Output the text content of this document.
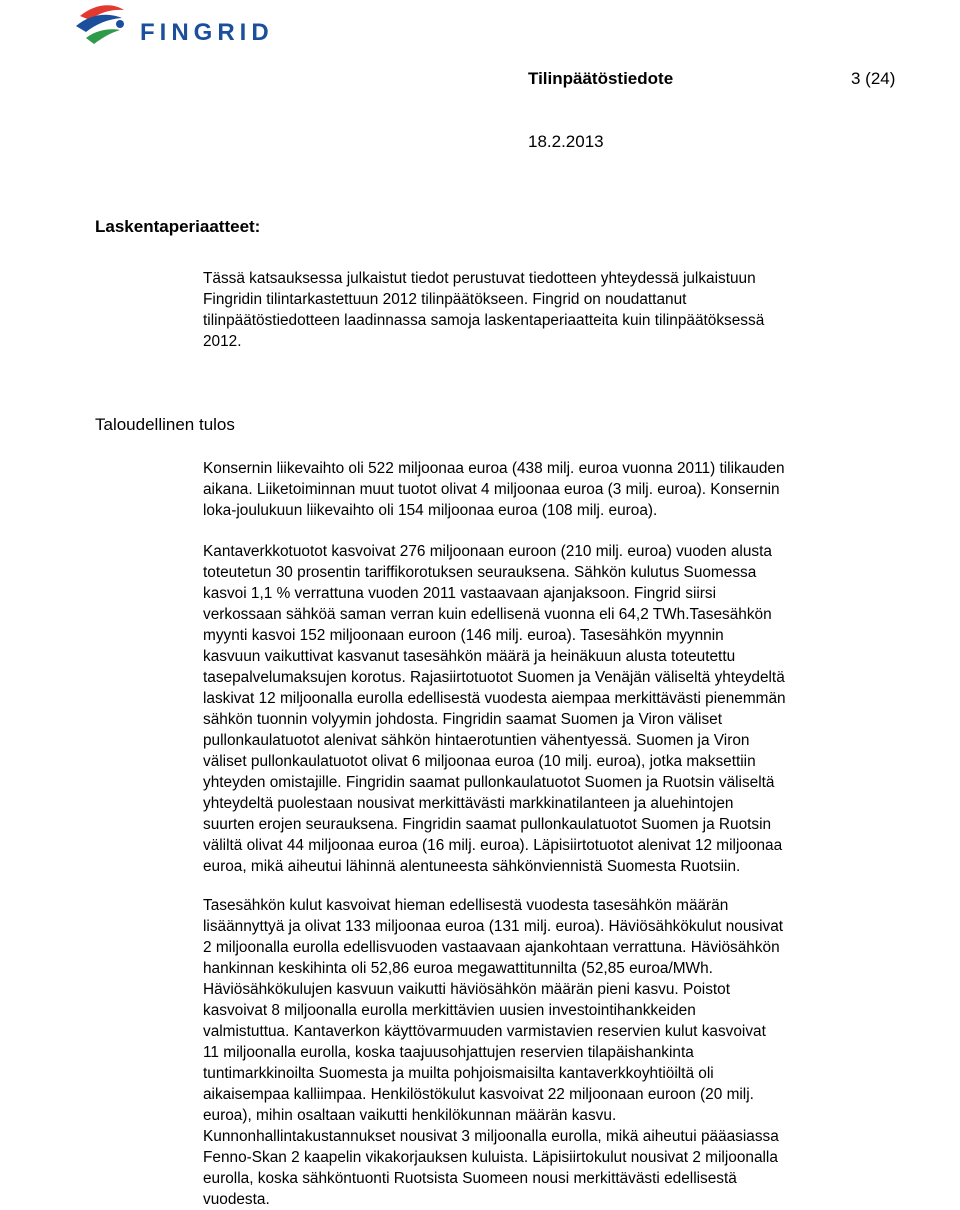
FINGRID
Tilinpäätöstiedote	3 (24)
18.2.2013
Laskentaperiaatteet:
Tässä katsauksessa julkaistut tiedot perustuvat tiedotteen yhteydessä julkaistuun
Fingridin tilintarkastettuun 2012 tilinpäätökseen. Fingrid on noudattanut
tilinpäätöstiedotteen laadinnassa samoja laskentaperiaatteita kuin tilinpäätöksessä
2012.
Taloudellinen tulos
Konsernin liikevaihto oli 522 miljoonaa euroa (438 milj. euroa vuonna 2011) tilikauden
aikana. Liiketoiminnan muut tuotot olivat 4 miljoonaa euroa (3 milj. euroa). Konsernin
loka-joulukuun liikevaihto oli 154 miljoonaa euroa (108 milj. euroa).
Kantaverkkotuotot kasvoivat 276 miljoonaan euroon (210 milj. euroa) vuoden alusta
toteutetun 30 prosentin tariffikorotuksen seurauksena. Sähkön kulutus Suomessa
kasvoi 1,1 % verrattuna vuoden 2011 vastaavaan ajanjaksoon. Fingrid siirsi
verkossaan sähköä saman verran kuin edellisenä vuonna eli 64,2 TWh.Tasesähkön
myynti kasvoi 152 miljoonaan euroon (146 milj. euroa). Tasesähkön myynnin
kasvuun vaikuttivat kasvanut tasesähkön määrä ja heinäkuun alusta toteutettu
tasepalvelumaksujen korotus. Rajasiirtotuotot Suomen ja Venäjän väliseltä yhteydeltä
laskivat 12 miljoonalla eurolla edellisestä vuodesta aiempaa merkittävästi pienemmän
sähkön tuonnin volyymin johdosta. Fingridin saamat Suomen ja Viron väliset
pullonkaulatuotot alenivat sähkön hintaerotuntien vähentyessä. Suomen ja Viron
väliset pullonkaulatuotot olivat 6 miljoonaa euroa (10 milj. euroa), jotka maksettiin
yhteyden omistajille. Fingridin saamat pullonkaulatuotot Suomen ja Ruotsin väliseltä
yhteydeltä puolestaan nousivat merkittävästi markkinatilanteen ja aluehintojen
suurten erojen seurauksena. Fingridin saamat pullonkaulatuotot Suomen ja Ruotsin
väliltä olivat 44 miljoonaa euroa (16 milj. euroa). Läpisiirtotuotot alenivat 12 miljoonaa
euroa, mikä aiheutui lähinnä alentuneesta sähkönviennistä Suomesta Ruotsiin.
Tasesähkön kulut kasvoivat hieman edellisestä vuodesta tasesähkön määrän
lisäännyttyä ja olivat 133 miljoonaa euroa (131 milj. euroa). Häviösähkökulut nousivat
2 miljoonalla eurolla edellisvuoden vastaavaan ajankohtaan verrattuna. Häviösähkön
hankinnan keskihinta oli 52,86 euroa megawattitunnilta (52,85 euroa/MWh.
Häviösähkökulujen kasvuun vaikutti häviösähkön määrän pieni kasvu. Poistot
kasvoivat 8 miljoonalla eurolla merkittävien uusien investointihankkeiden
valmistuttua. Kantaverkon käyttövarmuuden varmistavien reservien kulut kasvoivat
11 miljoonalla eurolla, koska taajuusohjattujen reservien tilapäishankinta
tuntimarkkinoilta Suomesta ja muilta pohjoismaisilta kantaverkkoyhtiöiltä oli
aikaisempaa kalliimpaa. Henkilöstökulut kasvoivat 22 miljoonaan euroon (20 milj.
euroa), mihin osaltaan vaikutti henkilökunnan määrän kasvu.
Kunnonhallintakustannukset nousivat 3 miljoonalla eurolla, mikä aiheutui pääasiassa
Fenno-Skan 2 kaapelin vikakorjauksen kuluista. Läpisiirtokulut nousivat 2 miljoonalla
eurolla, koska sähköntuonti Ruotsista Suomeen nousi merkittävästi edellisestä
vuodesta.
